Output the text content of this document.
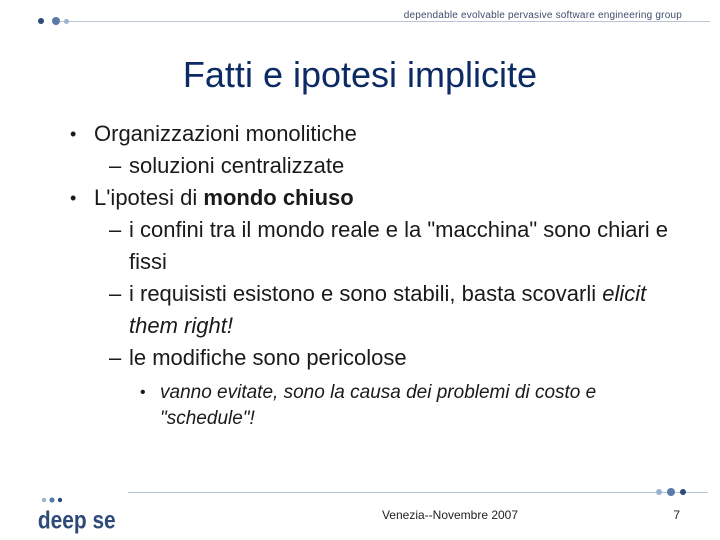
dependable evolvable pervasive software engineering group
Fatti e ipotesi implicite
• Organizzazioni monolitiche
– soluzioni centralizzate
• L'ipotesi di mondo chiuso
– i confini tra il mondo reale e la "macchina" sono chiari e fissi
– i requisisti esistono e sono stabili, basta scovarli elicit them right!
– le modifiche sono pericolose
• vanno evitate, sono la causa dei problemi di costo e "schedule"!
deep se	Venezia--Novembre 2007	7
